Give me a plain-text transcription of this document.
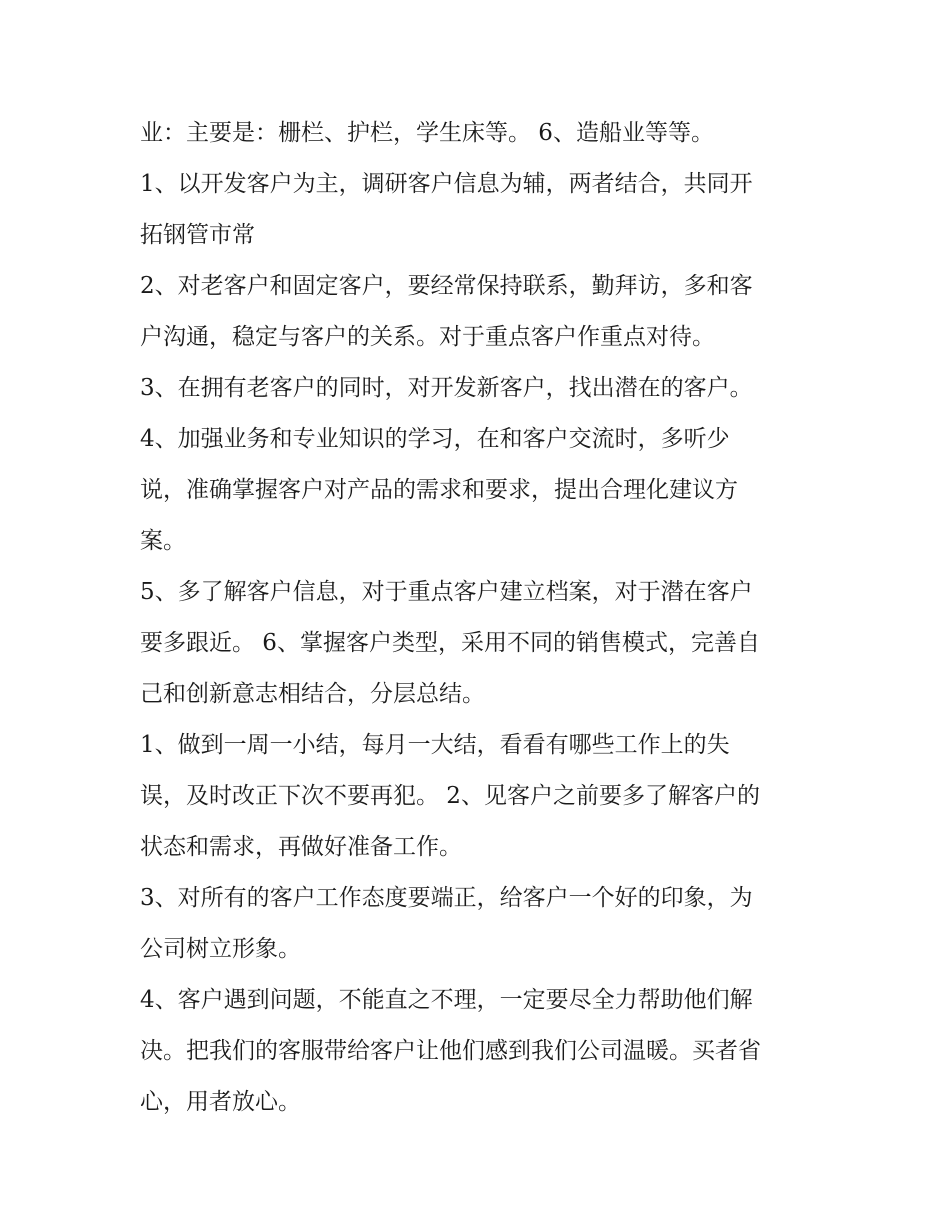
业：主要是：栅栏、护栏，学生床等。 6、造船业等等。
1、以开发客户为主，调研客户信息为辅，两者结合，共同开
拓钢管市常
2、对老客户和固定客户，要经常保持联系，勤拜访，多和客
户沟通，稳定与客户的关系。对于重点客户作重点对待。
3、在拥有老客户的同时，对开发新客户，找出潜在的客户。
4、加强业务和专业知识的学习，在和客户交流时，多听少
说，准确掌握客户对产品的需求和要求，提出合理化建议方
案。
5、多了解客户信息，对于重点客户建立档案，对于潜在客户
要多跟近。 6、掌握客户类型，采用不同的销售模式，完善自
己和创新意志相结合，分层总结。
1、做到一周一小结，每月一大结，看看有哪些工作上的失
误，及时改正下次不要再犯。 2、见客户之前要多了解客户的
状态和需求，再做好准备工作。
3、对所有的客户工作态度要端正，给客户一个好的印象，为
公司树立形象。
4、客户遇到问题，不能直之不理，一定要尽全力帮助他们解
决。把我们的客服带给客户让他们感到我们公司温暖。买者省
心，用者放心。
